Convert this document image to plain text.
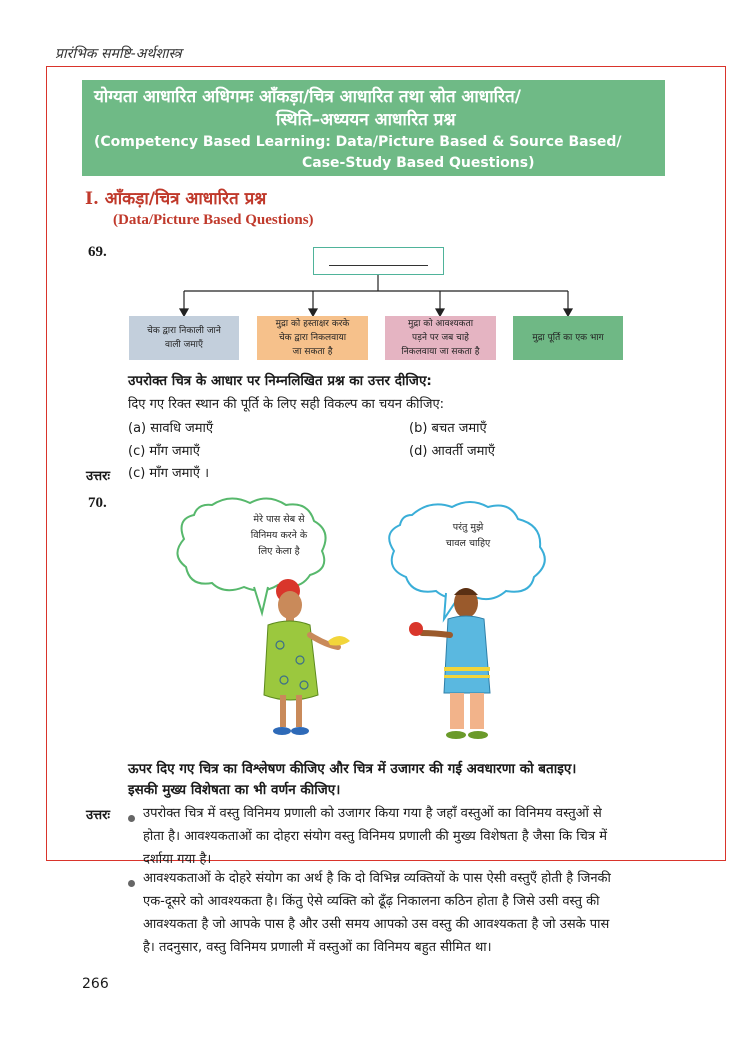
प्रारंभिक समष्टि-अर्थशास्त्र
योग्यता आधारित अधिगमः आँकड़ा/चित्र आधारित तथा स्रोत आधारित/
स्थिति–अध्ययन आधारित प्रश्न
(Competency Based Learning: Data/Picture Based & Source Based/
Case-Study Based Questions)
I. आँकड़ा/चित्र आधारित प्रश्न
(Data/Picture Based Questions)
69.
चेक द्वारा निकाली जाने
वाली जमाएँ
मुद्रा को हस्ताक्षर करके
चेक द्वारा निकलवाया
जा सकता है
मुद्रा को आवश्यकता
पड़ने पर जब चाहे
निकलवाया जा सकता है
मुद्रा पूर्ति का एक भाग
उपरोक्त चित्र के आधार पर निम्नलिखित प्रश्न का उत्तर दीजिए:
दिए गए रिक्त स्थान की पूर्ति के लिए सही विकल्प का चयन कीजिए:
(a) सावधि जमाएँ	(b) बचत जमाएँ
(c) माँग जमाएँ	(d) आवर्ती जमाएँ
उत्तरः (c) माँग जमाएँ ।
70.
मेरे पास सेब से
विनिमय करने के
लिए केला है
परंतु मुझे
चावल चाहिए
ऊपर दिए गए चित्र का विश्लेषण कीजिए और चित्र में उजागर की गई अवधारणा को बताइए।
इसकी मुख्य विशेषता का भी वर्णन कीजिए।
उत्तरः	उपरोक्त चित्र में वस्तु विनिमय प्रणाली को उजागर किया गया है जहाँ वस्तुओं का विनिमय वस्तुओं से
होता है। आवश्यकताओं का दोहरा संयोग वस्तु विनिमय प्रणाली की मुख्य विशेषता है जैसा कि चित्र में
दर्शाया गया है।
आवश्यकताओं के दोहरे संयोग का अर्थ है कि दो विभिन्न व्यक्तियों के पास ऐसी वस्तुएँ होती है जिनकी
एक-दूसरे को आवश्यकता है। किंतु ऐसे व्यक्ति को ढूँढ़ निकालना कठिन होता है जिसे उसी वस्तु की
आवश्यकता है जो आपके पास है और उसी समय आपको उस वस्तु की आवश्यकता है जो उसके पास
है। तदनुसार, वस्तु विनिमय प्रणाली में वस्तुओं का विनिमय बहुत सीमित था।
266
